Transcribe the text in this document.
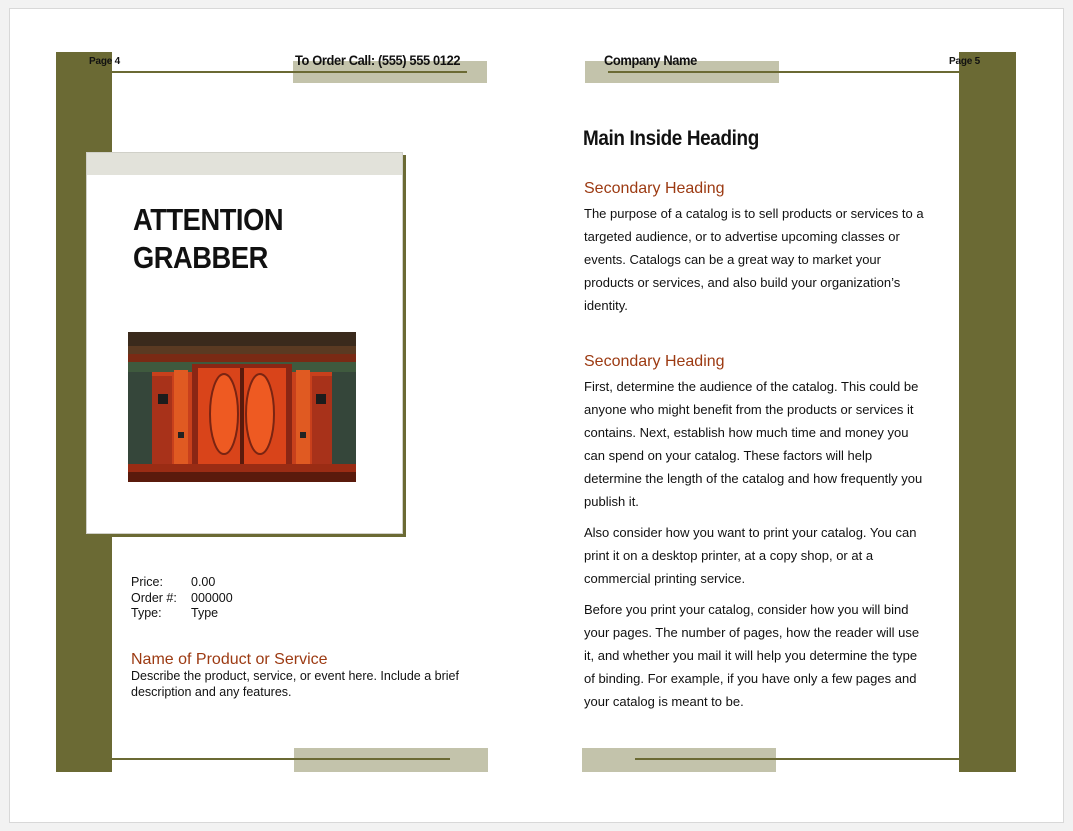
Page 4	To Order Call: (555) 555 0122
ATTENTION
GRABBER
Price: 0.00
Order #: 000000
Type: Type
Name of Product or Service
Describe the product, service, or event here. Include a brief description and any features.
Company Name	Page 5
Main Inside Heading
Secondary Heading
The purpose of a catalog is to sell products or services to a targeted audience, or to advertise upcoming classes or events. Catalogs can be a great way to market your products or services, and also build your organization’s identity.
Secondary Heading
First, determine the audience of the catalog. This could be anyone who might benefit from the products or services it contains. Next, establish how much time and money you can spend on your catalog. These factors will help determine the length of the catalog and how frequently you publish it.
Also consider how you want to print your catalog. You can print it on a desktop printer, at a copy shop, or at a commercial printing service.
Before you print your catalog, consider how you will bind your pages. The number of pages, how the reader will use it, and whether you mail it will help you determine the type of binding. For example, if you have only a few pages and your catalog is meant to be.
